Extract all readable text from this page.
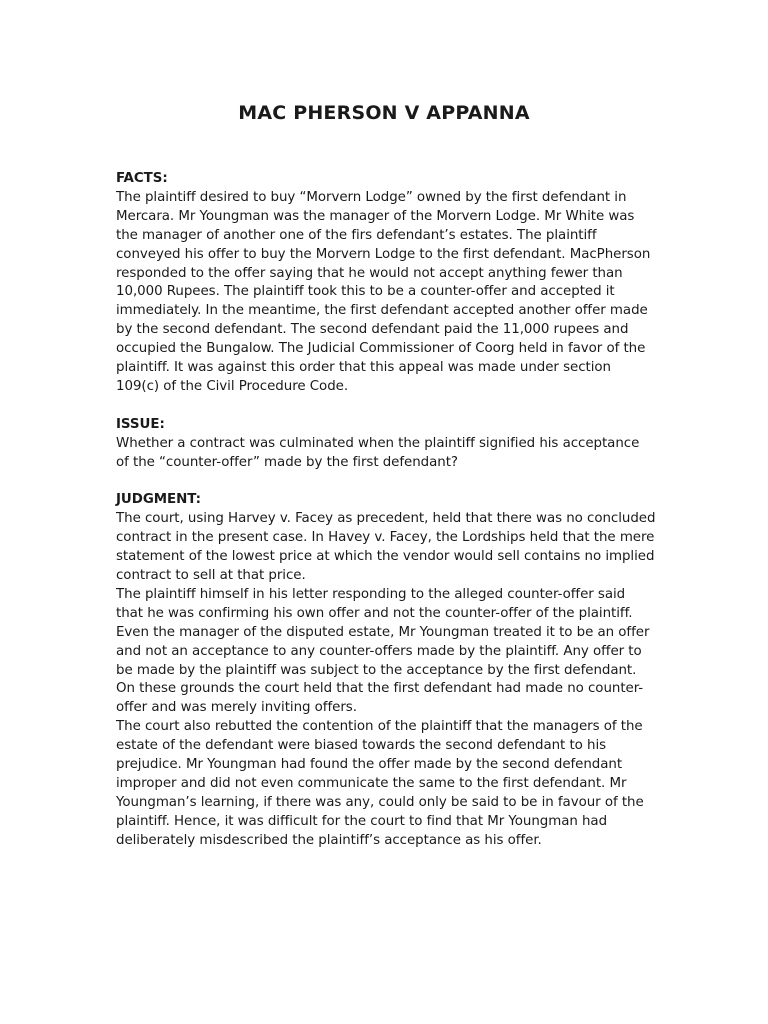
MAC PHERSON V APPANNA
FACTS:

The plaintiff desired to buy “Morvern Lodge” owned by the first defendant in Mercara. Mr Youngman was the manager of the Morvern Lodge. Mr White was the manager of another one of the firs defendant’s estates. The plaintiff conveyed his offer to buy the Morvern Lodge to the first defendant. MacPherson responded to the offer saying that he would not accept anything fewer than 10,000 Rupees. The plaintiff took this to be a counter-offer and accepted it immediately. In the meantime, the first defendant accepted another offer made by the second defendant. The second defendant paid the 11,000 rupees and occupied the Bungalow. The Judicial Commissioner of Coorg held in favor of the plaintiff. It was against this order that this appeal was made under section 109(c) of the Civil Procedure Code.

ISSUE:

Whether a contract was culminated when the plaintiff signified his acceptance of the “counter-offer” made by the first defendant?

JUDGMENT:

The court, using Harvey v. Facey as precedent, held that there was no concluded contract in the present case. In Havey v. Facey, the Lordships held that the mere statement of the lowest price at which the vendor would sell contains no implied contract to sell at that price.

The plaintiff himself in his letter responding to the alleged counter-offer said that he was confirming his own offer and not the counter-offer of the plaintiff. Even the manager of the disputed estate, Mr Youngman treated it to be an offer and not an acceptance to any counter-offers made by the plaintiff. Any offer to be made by the plaintiff was subject to the acceptance by the first defendant. On these grounds the court held that the first defendant had made no counter-offer and was merely inviting offers.

The court also rebutted the contention of the plaintiff that the managers of the estate of the defendant were biased towards the second defendant to his prejudice. Mr Youngman had found the offer made by the second defendant improper and did not even communicate the same to the first defendant. Mr Youngman’s learning, if there was any, could only be said to be in favour of the plaintiff. Hence, it was difficult for the court to find that Mr Youngman had deliberately misdescribed the plaintiff’s acceptance as his offer.
